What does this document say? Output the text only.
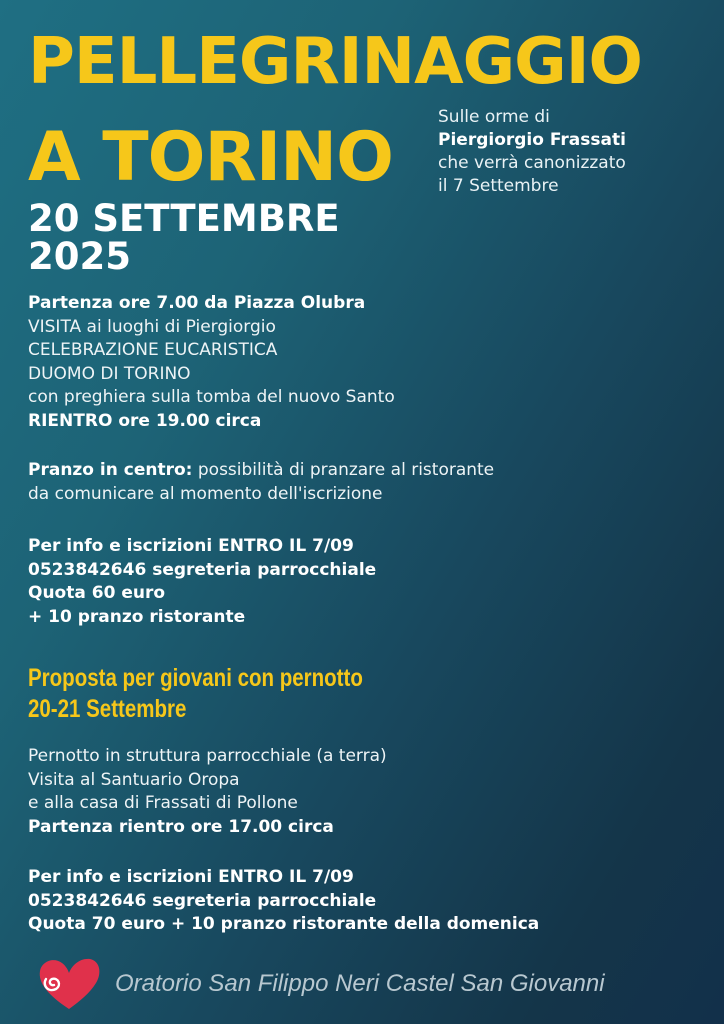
PELLEGRINAGGIO
A TORINO
Sulle orme di
Piergiorgio Frassati
che verrà canonizzato
il 7 Settembre
20 SETTEMBRE
2025
Partenza ore 7.00 da Piazza Olubra
VISITA ai luoghi di Piergiorgio
CELEBRAZIONE EUCARISTICA
DUOMO DI TORINO
con preghiera sulla tomba del nuovo Santo
RIENTRO ore 19.00 circa
Pranzo in centro: possibilità di pranzare al ristorante
da comunicare al momento dell'iscrizione
Per info e iscrizioni ENTRO IL 7/09
0523842646 segreteria parrocchiale
Quota 60 euro
+ 10 pranzo ristorante
Proposta per giovani con pernotto
20-21 Settembre
Pernotto in struttura parrocchiale (a terra)
Visita al Santuario Oropa
e alla casa di Frassati di Pollone
Partenza rientro ore 17.00 circa
Per info e iscrizioni ENTRO IL 7/09
0523842646 segreteria parrocchiale
Quota 70 euro + 10 pranzo ristorante della domenica
Oratorio San Filippo Neri Castel San Giovanni
